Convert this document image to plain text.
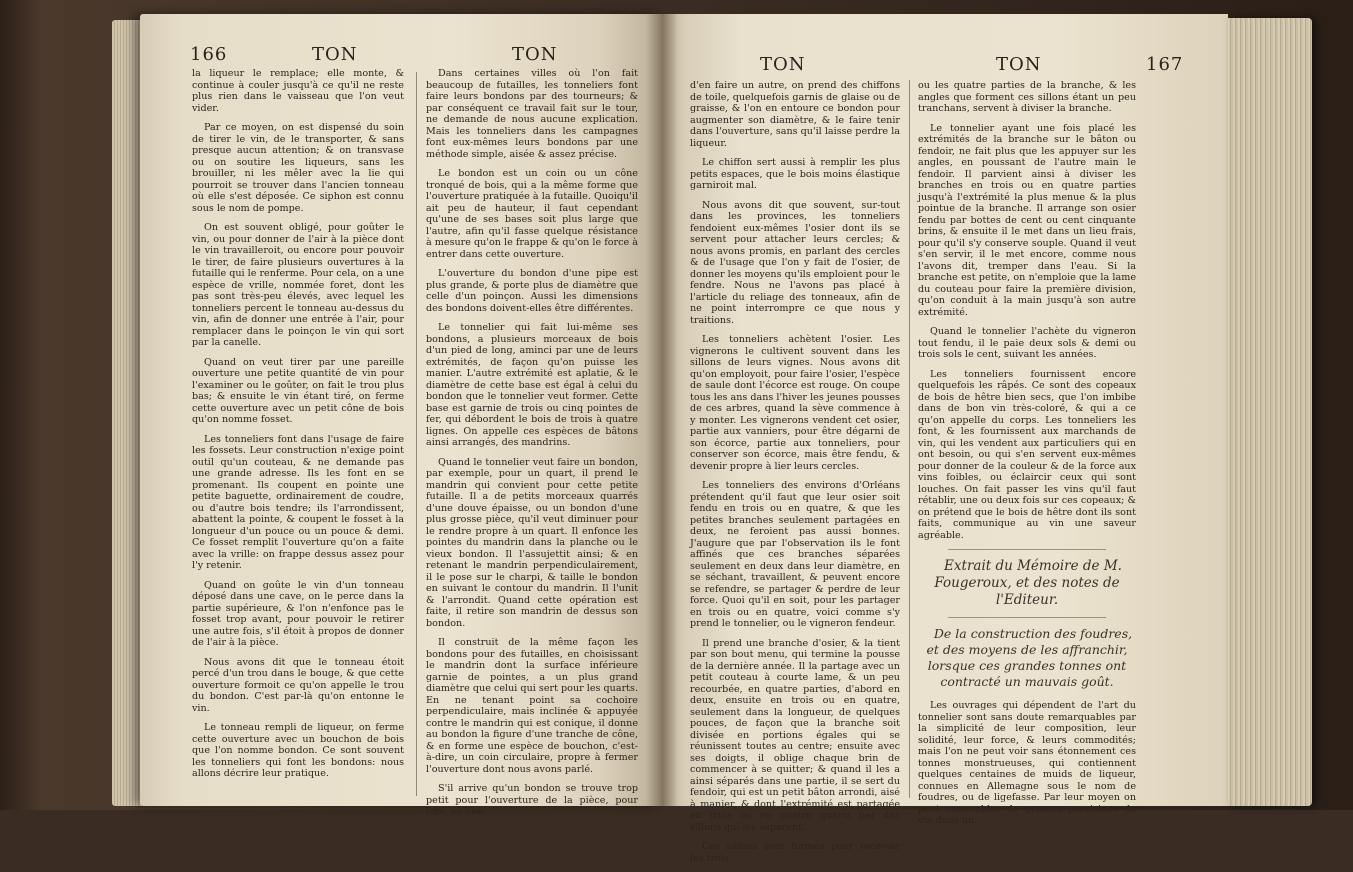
166	TON	TON

la liqueur le remplace; elle monte, & continue à couler jusqu'à ce qu'il ne reste plus rien dans le vaisseau que l'on veut vider.

Par ce moyen, on est dispensé du soin de tirer le vin, de le transporter, & sans presque aucun attention; & on transvase ou on soutire les liqueurs, sans les brouiller, ni les mêler avec la lie qui pourroit se trouver dans l'ancien tonneau où elle s'est déposée. Ce siphon est connu sous le nom de pompe.

On est souvent obligé, pour goûter le vin, ou pour donner de l'air à la pièce dont le vin travailleroit, ou encore pour pouvoir le tirer, de faire plusieurs ouvertures à la futaille qui le renferme. Pour cela, on a une espèce de vrille, nommée foret, dont les pas sont très-peu élevés, avec lequel les tonneliers percent le tonneau au-dessus du vin, afin de donner une entrée à l'air, pour remplacer dans le poinçon le vin qui sort par la canelle.

Quand on veut tirer par une pareille ouverture une petite quantité de vin pour l'examiner ou le goûter, on fait le trou plus bas; & ensuite le vin étant tiré, on ferme cette ouverture avec un petit cône de bois qu'on nomme fosset.

Les tonneliers font dans l'usage de faire les fossets. Leur construction n'exige point outil qu'un couteau, & ne demande pas une grande adresse. Ils les font en se promenant. Ils coupent en pointe une petite baguette, ordinairement de coudre, ou d'autre bois tendre; ils l'arrondissent, abattent la pointe, & coupent le fosset à la longueur d'un pouce ou un pouce & demi. Ce fosset remplit l'ouverture qu'on a faite avec la vrille: on frappe dessus assez pour l'y retenir.

Quand on goûte le vin d'un tonneau déposé dans une cave, on le perce dans la partie supérieure, & l'on n'enfonce pas le fosset trop avant, pour pouvoir le retirer une autre fois, s'il étoit à propos de donner de l'air à la pièce.

Nous avons dit que le tonneau étoit percé d'un trou dans le bouge, & que cette ouverture formoit ce qu'on appelle le trou du bondon. C'est par-là qu'on entonne le vin.

Le tonneau rempli de liqueur, on ferme cette ouverture avec un bouchon de bois que l'on nomme bondon. Ce sont souvent les tonneliers qui font les bondons: nous allons décrire leur pratique.

Dans certaines villes où l'on fait beaucoup de futailles, les tonneliers font faire leurs bondons par des tourneurs; & par conséquent ce travail fait sur le tour, ne demande de nous aucune explication. Mais les tonneliers dans les campagnes font eux-mêmes leurs bondons par une méthode simple, aisée & assez précise.

Le bondon est un coin ou un cône tronqué de bois, qui a la même forme que l'ouverture pratiquée à la futaille. Quoiqu'il ait peu de hauteur, il faut cependant qu'une de ses bases soit plus large que l'autre, afin qu'il fasse quelque résistance à mesure qu'on le frappe & qu'on le force à entrer dans cette ouverture.

L'ouverture du bondon d'une pipe est plus grande, & porte plus de diamètre que celle d'un poinçon. Aussi les dimensions des bondons doivent-elles être différentes.

Le tonnelier qui fait lui-même ses bondons, a plusieurs morceaux de bois d'un pied de long, aminci par une de leurs extrémités, de façon qu'on puisse les manier. L'autre extrémité est aplatie, & le diamètre de cette base est égal à celui du bondon que le tonnelier veut former. Cette base est garnie de trois ou cinq pointes de fer, qui débordent le bois de trois à quatre lignes. On appelle ces espèces de bâtons ainsi arrangés, des mandrins.

Quand le tonnelier veut faire un bondon, par exemple, pour un quart, il prend le mandrin qui convient pour cette petite futaille. Il a de petits morceaux quarrés d'une douve épaisse, ou un bondon d'une plus grosse pièce, qu'il veut diminuer pour le rendre propre à un quart. Il enfonce les pointes du mandrin dans la planche ou le vieux bondon. Il l'assujettit ainsi; & en retenant le mandrin perpendiculairement, il le pose sur le charpi, & taille le bondon en suivant le contour du mandrin. Il l'unit & l'arrondit. Quand cette opération est faite, il retire son mandrin de dessus son bondon.

Il construit de la même façon les bondons pour des futailles, en choisissant le mandrin dont la surface inférieure garnie de pointes, a un plus grand diamètre que celui qui sert pour les quarts. En ne tenant point sa cochoire perpendiculaire, mais inclinée & appuyée contre le mandrin qui est conique, il donne au bondon la figure d'une tranche de cône, & en forme une espèce de bouchon, c'est-à-dire, un coin circulaire, propre à fermer l'ouverture dont nous avons parlé.

S'il arrive qu'un bondon se trouve trop petit pour l'ouverture de la pièce, pour lors, au lieu

TON	TON	167

d'en faire un autre, on prend des chiffons de toile, quelquefois garnis de glaise ou de graisse, & l'on en entoure ce bondon pour augmenter son diamètre, & le faire tenir dans l'ouverture, sans qu'il laisse perdre la liqueur.

Le chiffon sert aussi à remplir les plus petits espaces, que le bois moins élastique garniroit mal.

Nous avons dit que souvent, sur-tout dans les provinces, les tonneliers fendoient eux-mêmes l'osier dont ils se servent pour attacher leurs cercles; & nous avons promis, en parlant des cercles & de l'usage que l'on y fait de l'osier, de donner les moyens qu'ils emploient pour le fendre. Nous ne l'avons pas placé à l'article du reliage des tonneaux, afin de ne point interrompre ce que nous y traitions.

Les tonneliers achètent l'osier. Les vignerons le cultivent souvent dans les sillons de leurs vignes. Nous avons dit qu'on employoit, pour faire l'osier, l'espèce de saule dont l'écorce est rouge. On coupe tous les ans dans l'hiver les jeunes pousses de ces arbres, quand la sève commence à y monter. Les vignerons vendent cet osier, partie aux vanniers, pour être dégarni de son écorce, partie aux tonneliers, pour conserver son écorce, mais être fendu, & devenir propre à lier leurs cercles.

Les tonneliers des environs d'Orléans prétendent qu'il faut que leur osier soit fendu en trois ou en quatre, & que les petites branches seulement partagées en deux, ne feroient pas aussi bonnes. J'augure que par l'observation ils le font affinés que ces branches séparées seulement en deux dans leur diamètre, en se séchant, travaillent, & peuvent encore se refendre, se partager & perdre de leur force. Quoi qu'il en soit, pour les partager en trois ou en quatre, voici comme s'y prend le tonnelier, ou le vigneron fendeur.

Il prend une branche d'osier, & la tient par son bout menu, qui termine la pousse de la dernière année. Il la partage avec un petit couteau à courte lame, & un peu recourbée, en quatre parties, d'abord en deux, ensuite en trois ou en quatre, seulement dans la longueur, de quelques pouces, de façon que la branche soit divisée en portions égales qui se réunissent toutes au centre; ensuite avec ses doigts, il oblige chaque brin de commencer à se quitter; & quand il les a ainsi séparés dans une partie, il se sert du fendoir, qui est un petit bâton arrondi, aisé à manier, & dont l'extrémité est partagée en trois ou en quatre quarts par des sillons qui les séparent.

Ces sillons sont formés pour recevoir les trois

ou les quatre parties de la branche, & les angles que forment ces sillons étant un peu tranchans, servent à diviser la branche.

Le tonnelier ayant une fois placé les extrémités de la branche sur le bâton ou fendoir, ne fait plus que les appuyer sur les angles, en poussant de l'autre main le fendoir. Il parvient ainsi à diviser les branches en trois ou en quatre parties jusqu'à l'extrémité la plus menue & la plus pointue de la branche. Il arrange son osier fendu par bottes de cent ou cent cinquante brins, & ensuite il le met dans un lieu frais, pour qu'il s'y conserve souple. Quand il veut s'en servir, il le met encore, comme nous l'avons dit, tremper dans l'eau. Si la branche est petite, on n'emploie que la lame du couteau pour faire la première division, qu'on conduit à la main jusqu'à son autre extrémité.

Quand le tonnelier l'achète du vigneron tout fendu, il le paie deux sols & demi ou trois sols le cent, suivant les années.

Les tonneliers fournissent encore quelquefois les râpés. Ce sont des copeaux de bois de hêtre bien secs, que l'on imbibe dans de bon vin très-coloré, & qui a ce qu'on appelle du corps. Les tonneliers les font, & les fournissent aux marchands de vin, qui les vendent aux particuliers qui en ont besoin, ou qui s'en servent eux-mêmes pour donner de la couleur & de la force aux vins foibles, ou éclaircir ceux qui sont louches. On fait passer les vins qu'il faut rétablir, une ou deux fois sur ces copeaux; & on prétend que le bois de hêtre dont ils sont faits, communique au vin une saveur agréable.

Extrait du Mémoire de M. Fougeroux, et des notes de l'Editeur.

De la construction des foudres, et des moyens de les affranchir, lorsque ces grandes tonnes ont contracté un mauvais goût.

Les ouvrages qui dépendent de l'art du tonnelier sont sans doute remarquables par la simplicité de leur composition, leur solidité, leur force, & leurs commodités; mais l'on ne peut voir sans étonnement ces tonnes monstrueuses, qui contiennent quelques centaines de muids de liqueur, connues en Allemagne sous le nom de foudres, ou de ligefasse. Par leur moyen on peut rassembler de grosses provisions de vin dans un
